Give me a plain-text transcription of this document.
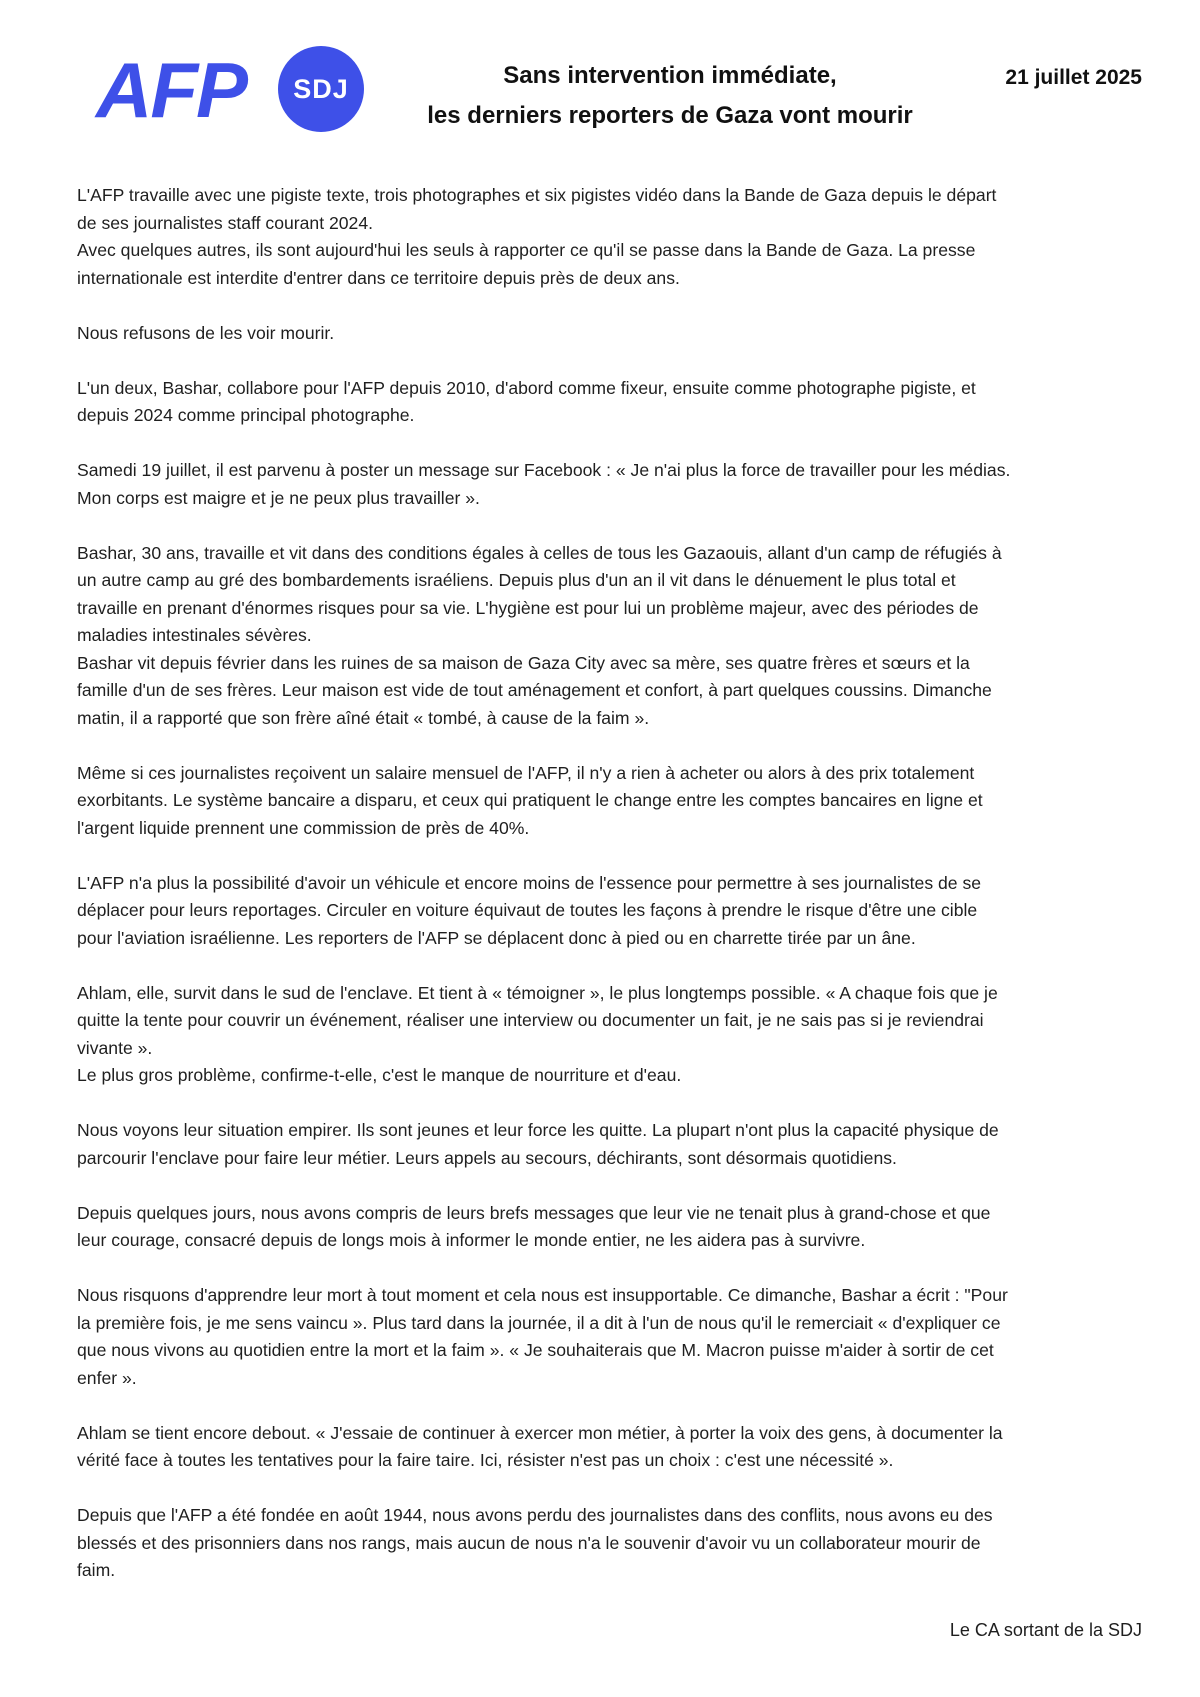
AFP	SDJ	Sans intervention immédiate,
les derniers reporters de Gaza vont mourir
21 juillet 2025

L'AFP travaille avec une pigiste texte, trois photographes et six pigistes vidéo dans la Bande de Gaza depuis le départ
de ses journalistes staff courant 2024.
Avec quelques autres, ils sont aujourd'hui les seuls à rapporter ce qu'il se passe dans la Bande de Gaza. La presse
internationale est interdite d'entrer dans ce territoire depuis près de deux ans.

Nous refusons de les voir mourir.

L'un deux, Bashar, collabore pour l'AFP depuis 2010, d'abord comme fixeur, ensuite comme photographe pigiste, et
depuis 2024 comme principal photographe.

Samedi 19 juillet, il est parvenu à poster un message sur Facebook : « Je n'ai plus la force de travailler pour les médias.
Mon corps est maigre et je ne peux plus travailler ».

Bashar, 30 ans, travaille et vit dans des conditions égales à celles de tous les Gazaouis, allant d'un camp de réfugiés à
un autre camp au gré des bombardements israéliens. Depuis plus d'un an il vit dans le dénuement le plus total et
travaille en prenant d'énormes risques pour sa vie. L'hygiène est pour lui un problème majeur, avec des périodes de
maladies intestinales sévères.
Bashar vit depuis février dans les ruines de sa maison de Gaza City avec sa mère, ses quatre frères et sœurs et la
famille d'un de ses frères. Leur maison est vide de tout aménagement et confort, à part quelques coussins. Dimanche
matin, il a rapporté que son frère aîné était « tombé, à cause de la faim ».

Même si ces journalistes reçoivent un salaire mensuel de l'AFP, il n'y a rien à acheter ou alors à des prix totalement
exorbitants. Le système bancaire a disparu, et ceux qui pratiquent le change entre les comptes bancaires en ligne et
l'argent liquide prennent une commission de près de 40%.

L'AFP n'a plus la possibilité d'avoir un véhicule et encore moins de l'essence pour permettre à ses journalistes de se
déplacer pour leurs reportages. Circuler en voiture équivaut de toutes les façons à prendre le risque d'être une cible
pour l'aviation israélienne. Les reporters de l'AFP se déplacent donc à pied ou en charrette tirée par un âne.

Ahlam, elle, survit dans le sud de l'enclave. Et tient à « témoigner », le plus longtemps possible. « A chaque fois que je
quitte la tente pour couvrir un événement, réaliser une interview ou documenter un fait, je ne sais pas si je reviendrai
vivante ».
Le plus gros problème, confirme-t-elle, c'est le manque de nourriture et d'eau.

Nous voyons leur situation empirer. Ils sont jeunes et leur force les quitte. La plupart n'ont plus la capacité physique de
parcourir l'enclave pour faire leur métier. Leurs appels au secours, déchirants, sont désormais quotidiens.

Depuis quelques jours, nous avons compris de leurs brefs messages que leur vie ne tenait plus à grand-chose et que
leur courage, consacré depuis de longs mois à informer le monde entier, ne les aidera pas à survivre.

Nous risquons d'apprendre leur mort à tout moment et cela nous est insupportable. Ce dimanche, Bashar a écrit : "Pour
la première fois, je me sens vaincu ». Plus tard dans la journée, il a dit à l'un de nous qu'il le remerciait « d'expliquer ce
que nous vivons au quotidien entre la mort et la faim ». « Je souhaiterais que M. Macron puisse m'aider à sortir de cet
enfer ».

Ahlam se tient encore debout. « J'essaie de continuer à exercer mon métier, à porter la voix des gens, à documenter la
vérité face à toutes les tentatives pour la faire taire. Ici, résister n'est pas un choix : c'est une nécessité ».

Depuis que l'AFP a été fondée en août 1944, nous avons perdu des journalistes dans des conflits, nous avons eu des
blessés et des prisonniers dans nos rangs, mais aucun de nous n'a le souvenir d'avoir vu un collaborateur mourir de
faim.

Le CA sortant de la SDJ
